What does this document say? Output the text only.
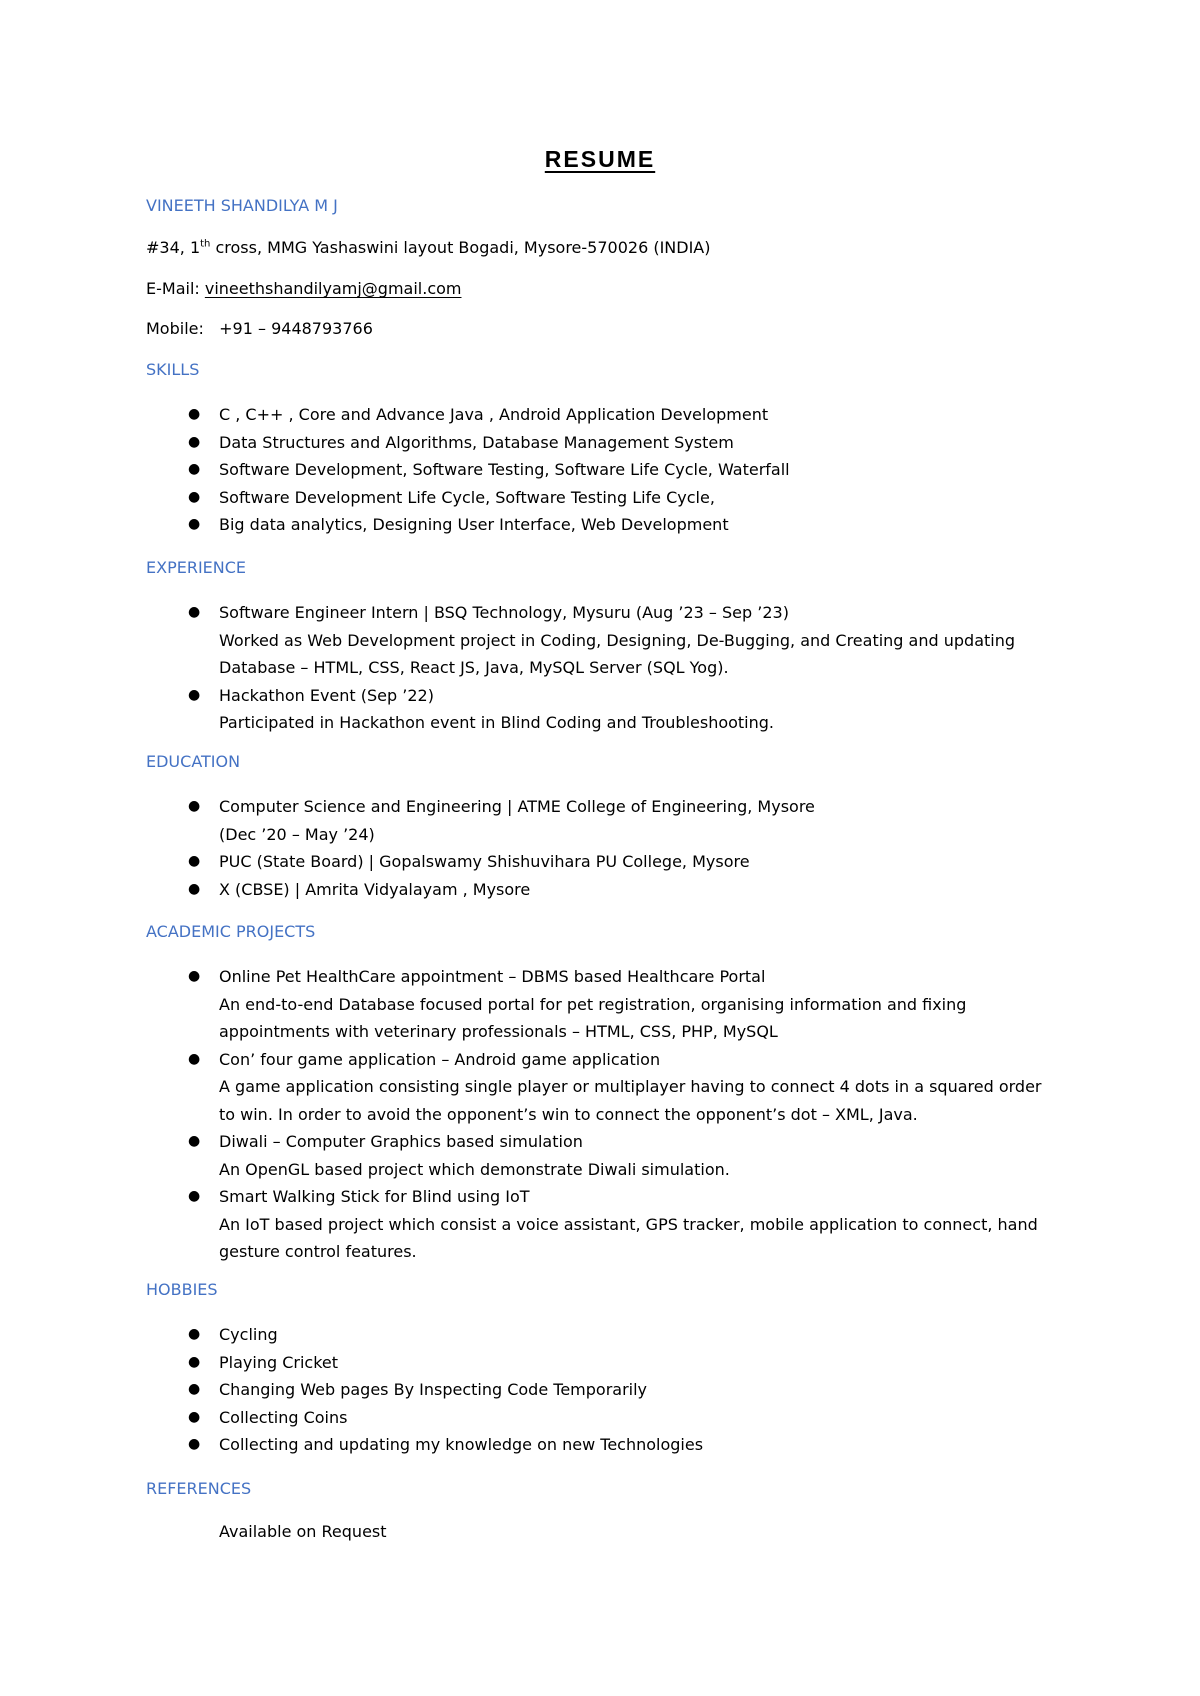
RESUME
VINEETH SHANDILYA M J
#34, 1th cross, MMG Yashaswini layout Bogadi, Mysore-570026 (INDIA)
E-Mail: vineethshandilyamj@gmail.com
Mobile: +91 – 9448793766
SKILLS
● C , C++ , Core and Advance Java , Android Application Development
● Data Structures and Algorithms, Database Management System
● Software Development, Software Testing, Software Life Cycle, Waterfall
● Software Development Life Cycle, Software Testing Life Cycle,
● Big data analytics, Designing User Interface, Web Development
EXPERIENCE
● Software Engineer Intern | BSQ Technology, Mysuru (Aug ’23 – Sep ’23)
Worked as Web Development project in Coding, Designing, De-Bugging, and Creating and updating
Database – HTML, CSS, React JS, Java, MySQL Server (SQL Yog).
● Hackathon Event (Sep ’22)
Participated in Hackathon event in Blind Coding and Troubleshooting.
EDUCATION
● Computer Science and Engineering | ATME College of Engineering, Mysore
(Dec ’20 – May ’24)
● PUC (State Board) | Gopalswamy Shishuvihara PU College, Mysore
● X (CBSE) | Amrita Vidyalayam , Mysore
ACADEMIC PROJECTS
● Online Pet HealthCare appointment – DBMS based Healthcare Portal
An end-to-end Database focused portal for pet registration, organising information and fixing
appointments with veterinary professionals – HTML, CSS, PHP, MySQL
● Con’ four game application – Android game application
A game application consisting single player or multiplayer having to connect 4 dots in a squared order
to win. In order to avoid the opponent’s win to connect the opponent’s dot – XML, Java.
● Diwali – Computer Graphics based simulation
An OpenGL based project which demonstrate Diwali simulation.
● Smart Walking Stick for Blind using IoT
An IoT based project which consist a voice assistant, GPS tracker, mobile application to connect, hand
gesture control features.
HOBBIES
● Cycling
● Playing Cricket
● Changing Web pages By Inspecting Code Temporarily
● Collecting Coins
● Collecting and updating my knowledge on new Technologies
REFERENCES
Available on Request
